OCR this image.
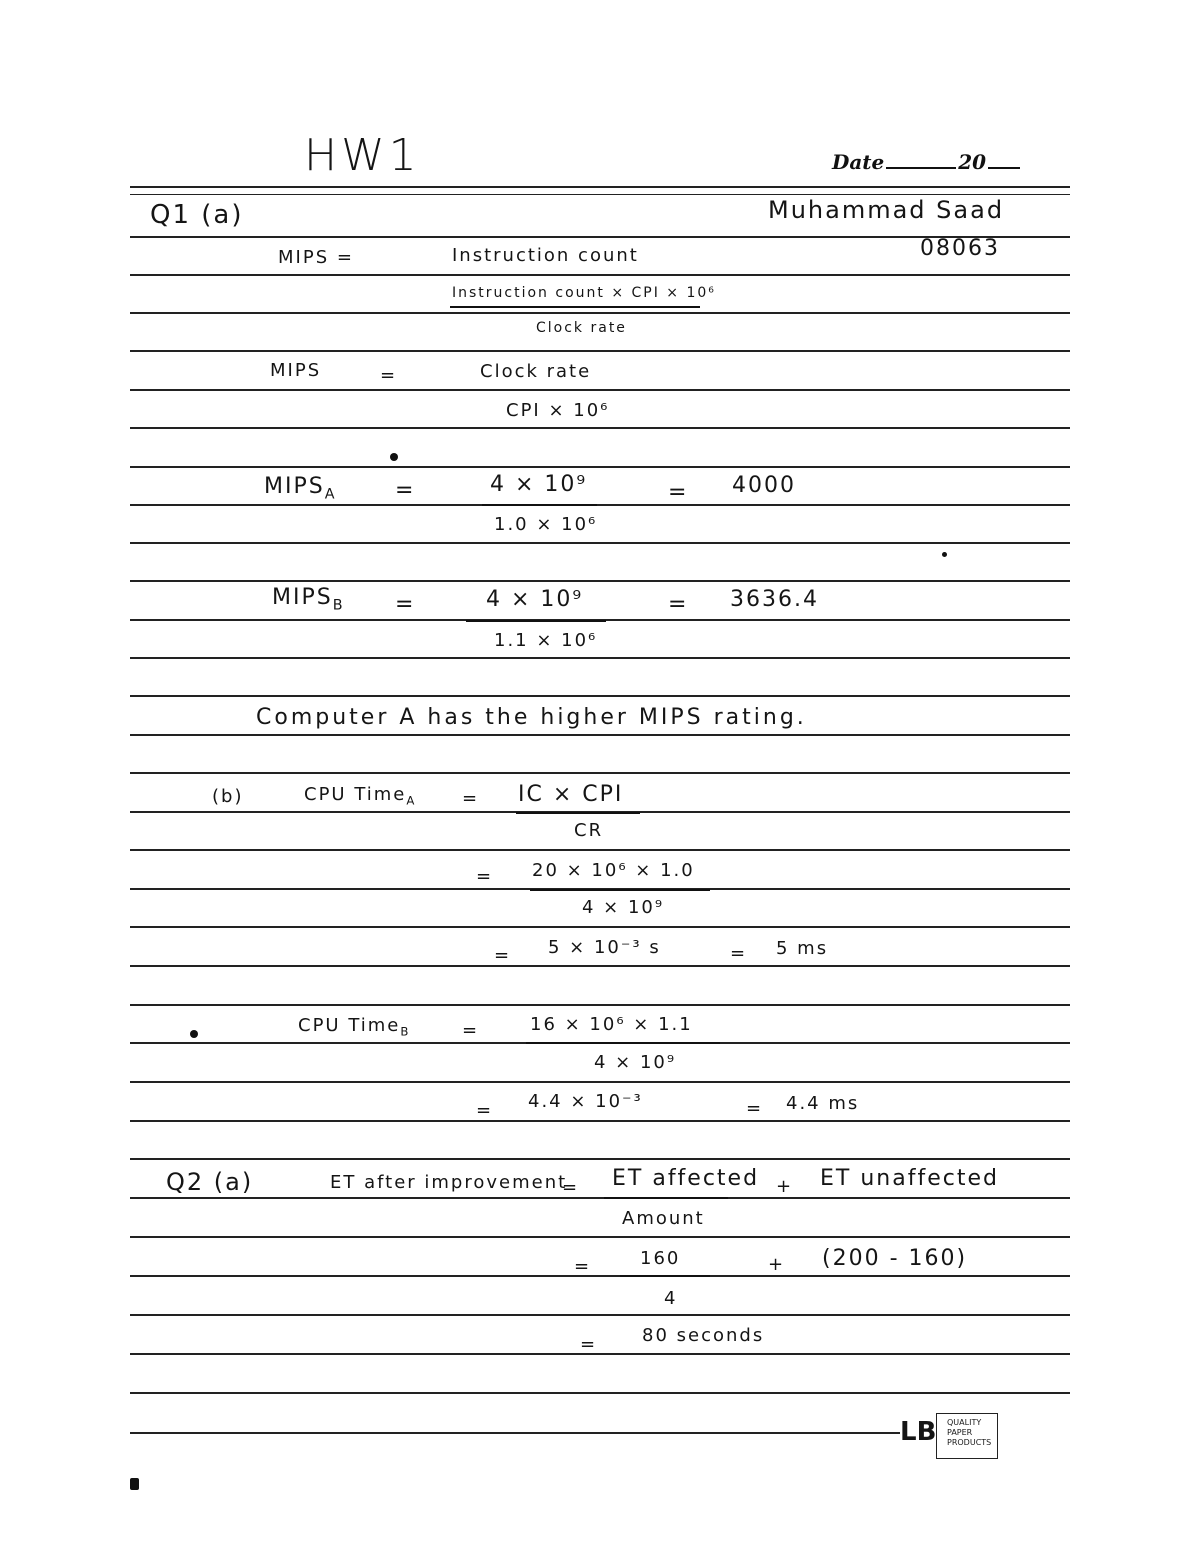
HW1	Date	20
Muhammad Saad
08063
Q1 (a)
MIPS =	Instruction count
Instruction count × CPI × 10⁶
Clock rate
MIPS	=	Clock rate
CPI × 10⁶
$MIPS_A$	=	4 × 10⁹
1.0 × 10⁶
= 4000
$MIPS_B$ =	4 × 10⁹
1.1 × 10⁶
= 3636.4
Computer A has the higher MIPS rating.
(b)	CPU Time$_A$	= IC × CPI
CR
= 20 × 10⁶ × 1.0
4 × 10⁹
= 5 × 10⁻³ s	= 5 ms
CPU Time$_B$	=	16 × 10⁶ × 1.1
4 × 10⁹
= 4.4 × 10⁻³	= 4.4 ms
Q2 (a)	ET after improvement
= ET affected
Amount
+ ET unaffected
=	160
4
+ (200 - 160)
= 80 seconds
LB QUALITY
PAPER
PRODUCTS
